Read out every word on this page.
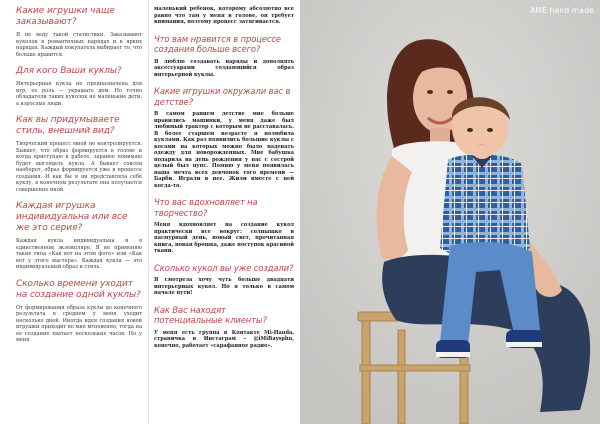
Какие игрушки чаще заказывают?

Я не веду такой статистики. Заказывают куколок в романтичных нарядах и в ярких нарядах. Каждый покупатель выбирает то, что больше нравится.

Для кого Ваши куклы?

Интерьерная кукла не предназначена для игр, ее роль — украшать дом. Но точно обладатели таких куколок не маленькие дети, а взрослые люди.

Как вы придумываете стиль, внешний вид?

Творческий процесс мной не контролируется. Бывает, что образ формируется в голове и когда приступаю к работе, заранее понимаю будет выглядеть кукла. А бывает совсем наоборот, образ формируется уже в процессе создания. И как бы я ни представляла себе куклу, в конечном результате она получается совершенно иной.

Каждая игрушка индивидуальна или все же это серия?

Каждая кукла индивидуальна и в единственном экземпляре. Я не применяю такие типа «Как вот на этом фото» или «Как вот у этого мастера». Каждая кукла — это индивидуальный образ и стиль.

Сколько времени уходит на создание одной куклы?

От формирования образа куклы до конечного результата в среднем у меня уходит несколько дней. Иногда идея создания новой игрушки приходит во мне мгновенно, тогда на ее создание хватает нескольких часов. Но у меня

маленький ребенок, которому абсолютно все равно что там у меня в голове, он требует внимания, поэтому процесс затягивается.

Что вам нравится в процессе создания больше всего?

Я люблю создавать наряды и дополнять аксессуарами создающийся образ интерьерной куклы.

Какие игрушки окружали вас в детстве?

В самом раннем детстве мне больше нравились машинки, у меня даже был любимый трактор с которым не расставалась. В более старшем возрасте я полюбила куклами. Как раз появились большие куклы с косами на которых можно было надевать одежду для новорожденных. Мне бабушка подарила на день рождения у нас с сестрой целый был пупс. Помню у меня появилась наша мечта всех девчонок того времени — Барби. Играли в нее. Жили вместе с ней когда-то.

Что вас вдохновляет на творчество?

Меня вдохновляет на создание кукол практически все вокруг: солнышко в пасмурный день, новый свет, прочитанная книга, новая брошка, даже поступок красивой ткани.

Сколько кукол вы уже создали?

Я смотрела хочу чуть больше двадцати интерьерных кукол. Но я только в самом начале пути!

Как Вас находят потенциальные клиенты?

У меня есть группа в Контакте Mi-Handa, страничка в Инстаграм – @iMiBaysphn, конечно, работает «сарафанное радио».

AME hand made
